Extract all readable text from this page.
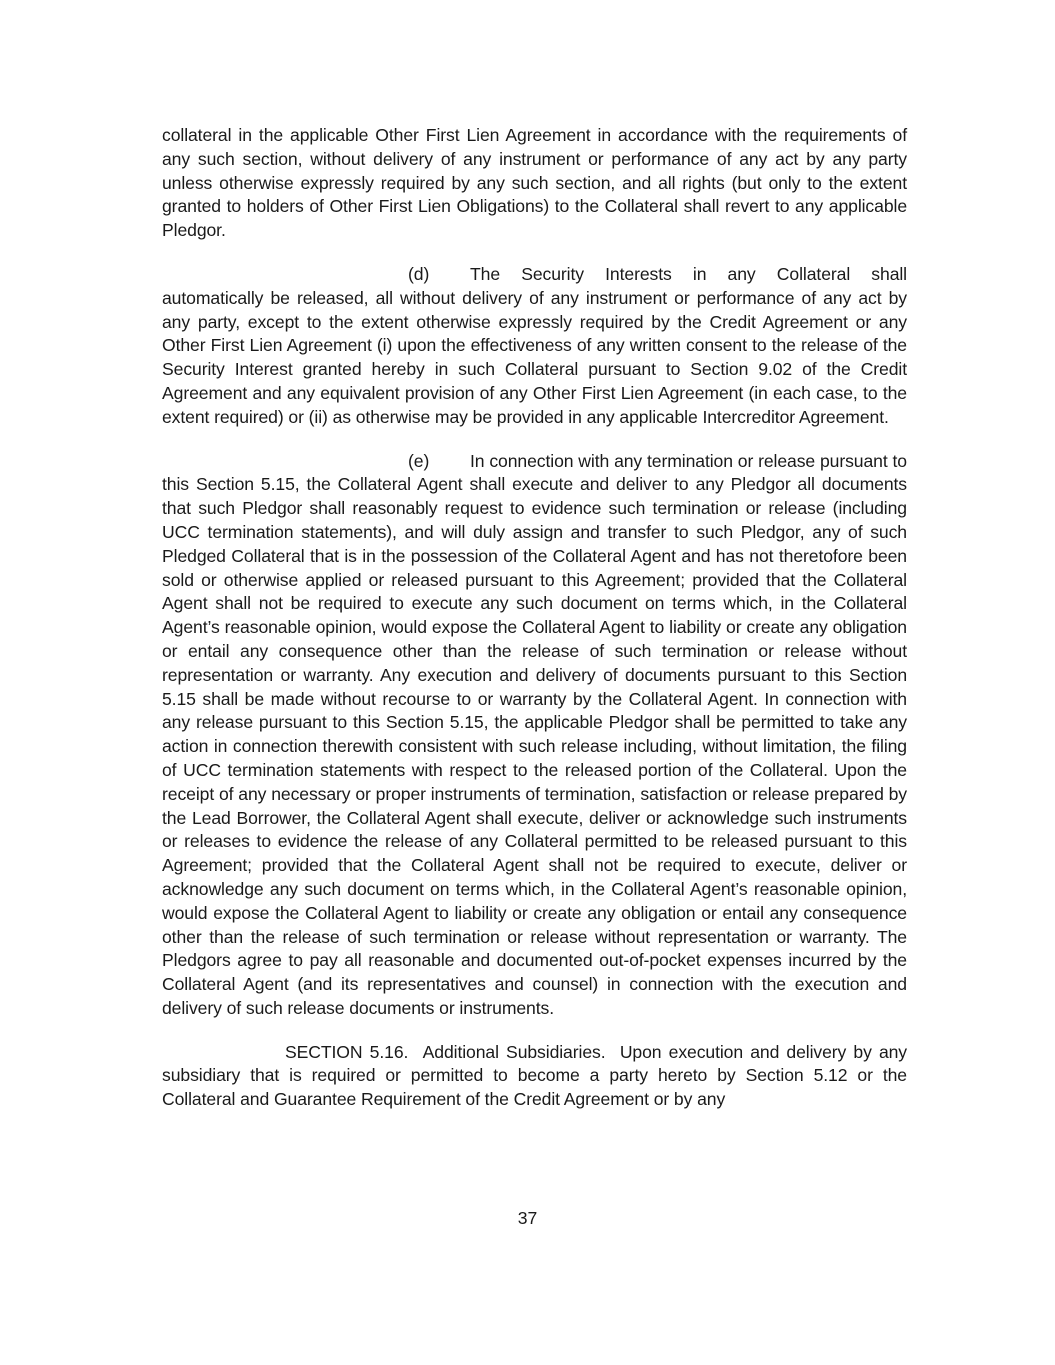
collateral in the applicable Other First Lien Agreement in accordance with the requirements of any such section, without delivery of any instrument or performance of any act by any party unless otherwise expressly required by any such section, and all rights (but only to the extent granted to holders of Other First Lien Obligations) to the Collateral shall revert to any applicable Pledgor.

(d) The Security Interests in any Collateral shall automatically be released, all without delivery of any instrument or performance of any act by any party, except to the extent otherwise expressly required by the Credit Agreement or any Other First Lien Agreement (i) upon the effectiveness of any written consent to the release of the Security Interest granted hereby in such Collateral pursuant to Section 9.02 of the Credit Agreement and any equivalent provision of any Other First Lien Agreement (in each case, to the extent required) or (ii) as otherwise may be provided in any applicable Intercreditor Agreement.

(e) In connection with any termination or release pursuant to this Section 5.15, the Collateral Agent shall execute and deliver to any Pledgor all documents that such Pledgor shall reasonably request to evidence such termination or release (including UCC termination statements), and will duly assign and transfer to such Pledgor, any of such Pledged Collateral that is in the possession of the Collateral Agent and has not theretofore been sold or otherwise applied or released pursuant to this Agreement; provided that the Collateral Agent shall not be required to execute any such document on terms which, in the Collateral Agent’s reasonable opinion, would expose the Collateral Agent to liability or create any obligation or entail any consequence other than the release of such termination or release without representation or warranty. Any execution and delivery of documents pursuant to this Section 5.15 shall be made without recourse to or warranty by the Collateral Agent. In connection with any release pursuant to this Section 5.15, the applicable Pledgor shall be permitted to take any action in connection therewith consistent with such release including, without limitation, the filing of UCC termination statements with respect to the released portion of the Collateral. Upon the receipt of any necessary or proper instruments of termination, satisfaction or release prepared by the Lead Borrower, the Collateral Agent shall execute, deliver or acknowledge such instruments or releases to evidence the release of any Collateral permitted to be released pursuant to this Agreement; provided that the Collateral Agent shall not be required to execute, deliver or acknowledge any such document on terms which, in the Collateral Agent’s reasonable opinion, would expose the Collateral Agent to liability or create any obligation or entail any consequence other than the release of such termination or release without representation or warranty. The Pledgors agree to pay all reasonable and documented out-of-pocket expenses incurred by the Collateral Agent (and its representatives and counsel) in connection with the execution and delivery of such release documents or instruments.

SECTION 5.16. Additional Subsidiaries. Upon execution and delivery by any subsidiary that is required or permitted to become a party hereto by Section 5.12 or the Collateral and Guarantee Requirement of the Credit Agreement or by any

37
